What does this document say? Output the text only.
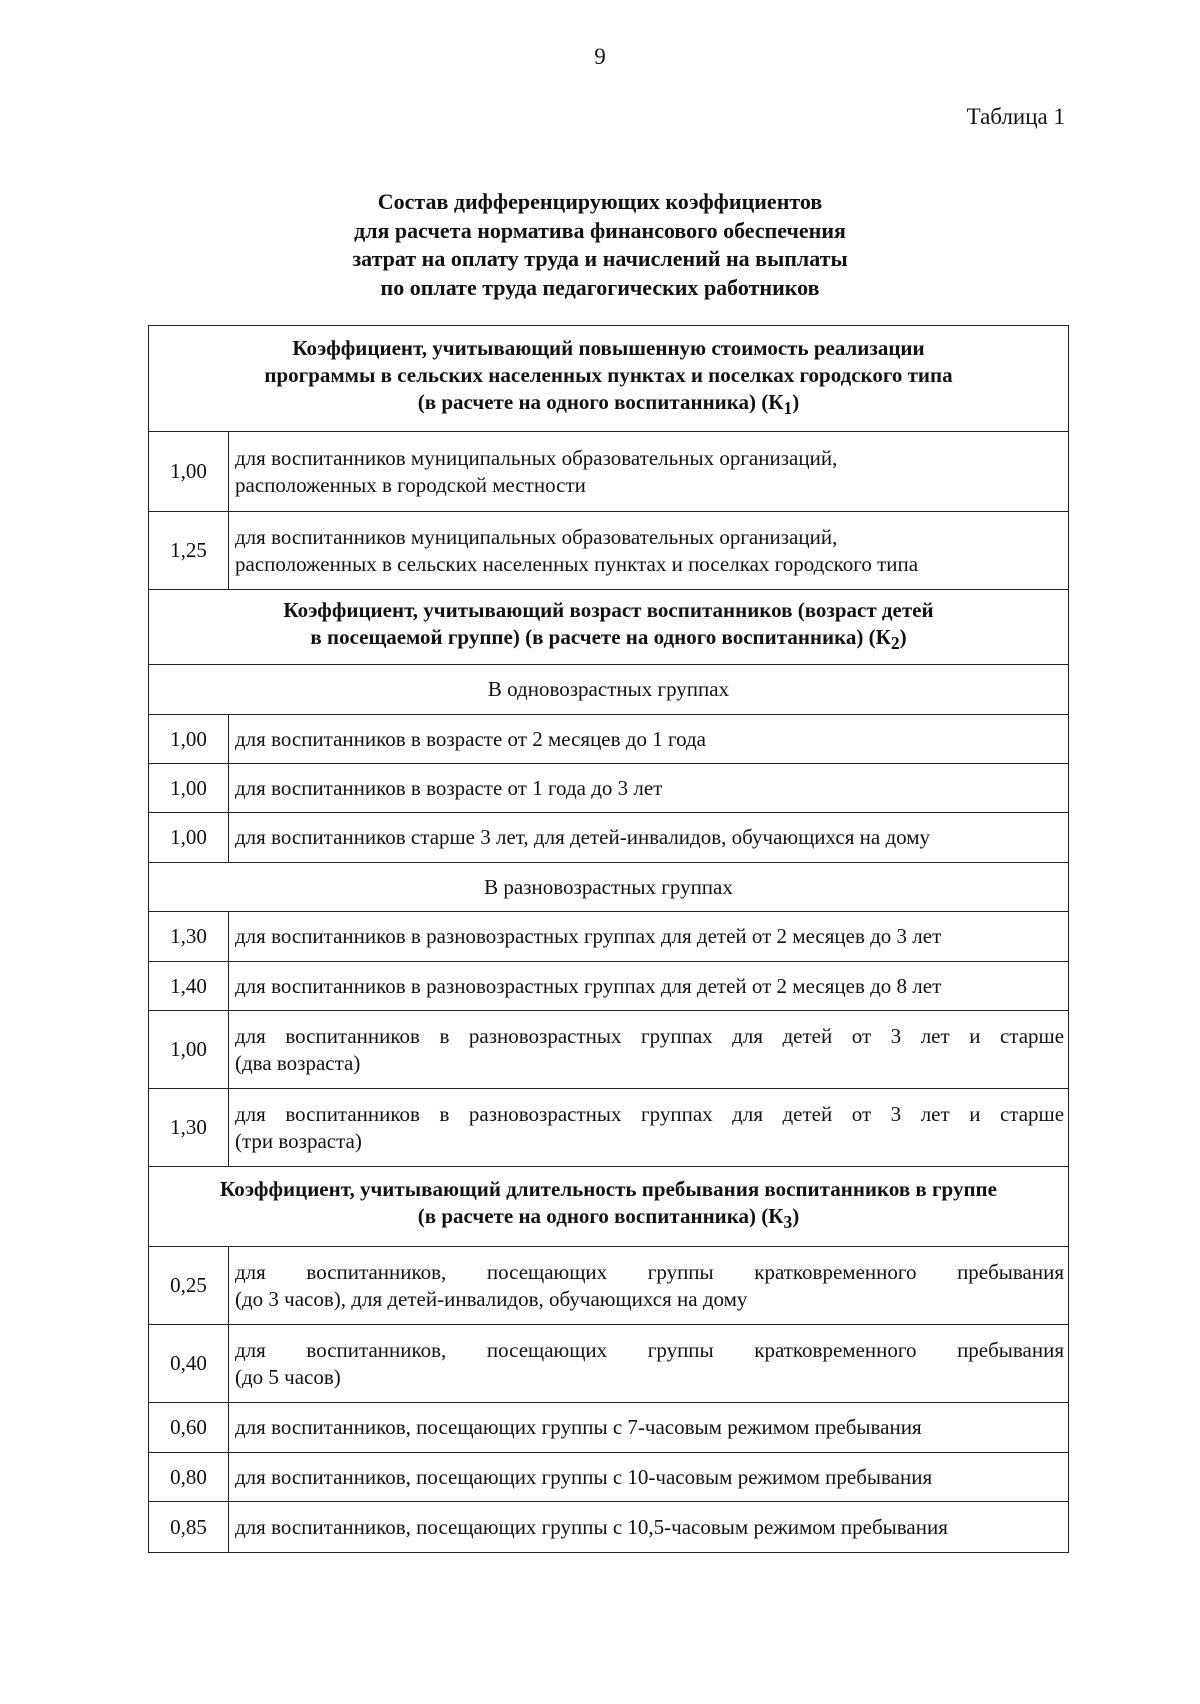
9
Таблица 1
Состав дифференцирующих коэффициентов
для расчета норматива финансового обеспечения
затрат на оплату труда и начислений на выплаты
по оплате труда педагогических работников
Коэффициент, учитывающий повышенную стоимость реализации
программы в сельских населенных пунктах и поселках городского типа
(в расчете на одного воспитанника) $(К_1)$	

1,00	для воспитанников муниципальных образовательных организаций,
расположенных в городской местности

1,25	для воспитанников муниципальных образовательных организаций,
расположенных в сельских населенных пунктах и поселках городского типа

Коэффициент, учитывающий возраст воспитанников (возраст детей
в посещаемой группе) (в расчете на одного воспитанника) $(К_2)$	

В одновозрастных группах	
1,00	для воспитанников в возрасте от 2 месяцев до 1 года
1,00	для воспитанников в возрасте от 1 года до 3 лет
1,00	для воспитанников старше 3 лет, для детей-инвалидов, обучающихся на дому
В разновозрастных группах	
1,30	для воспитанников в разновозрастных группах для детей от 2 месяцев до 3 лет
1,40	для воспитанников в разновозрастных группах для детей от 2 месяцев до 8 лет
1,00	для воспитанников в разновозрастных группах для детей от 3 лет и старше
(два возраста)

1,30	для воспитанников в разновозрастных группах для детей от 3 лет и старше
(три возраста)

Коэффициент, учитывающий длительность пребывания воспитанников в группе
(в расчете на одного воспитанника) $(К_3)$	

0,25	для воспитанников, посещающих группы кратковременного пребывания
(до 3 часов), для детей-инвалидов, обучающихся на дому

0,40	для воспитанников, посещающих группы кратковременного пребывания
(до 5 часов)

0,60	для воспитанников, посещающих группы с 7-часовым режимом пребывания
0,80	для воспитанников, посещающих группы с 10-часовым режимом пребывания
0,85	для воспитанников, посещающих группы с 10,5-часовым режимом пребывания
